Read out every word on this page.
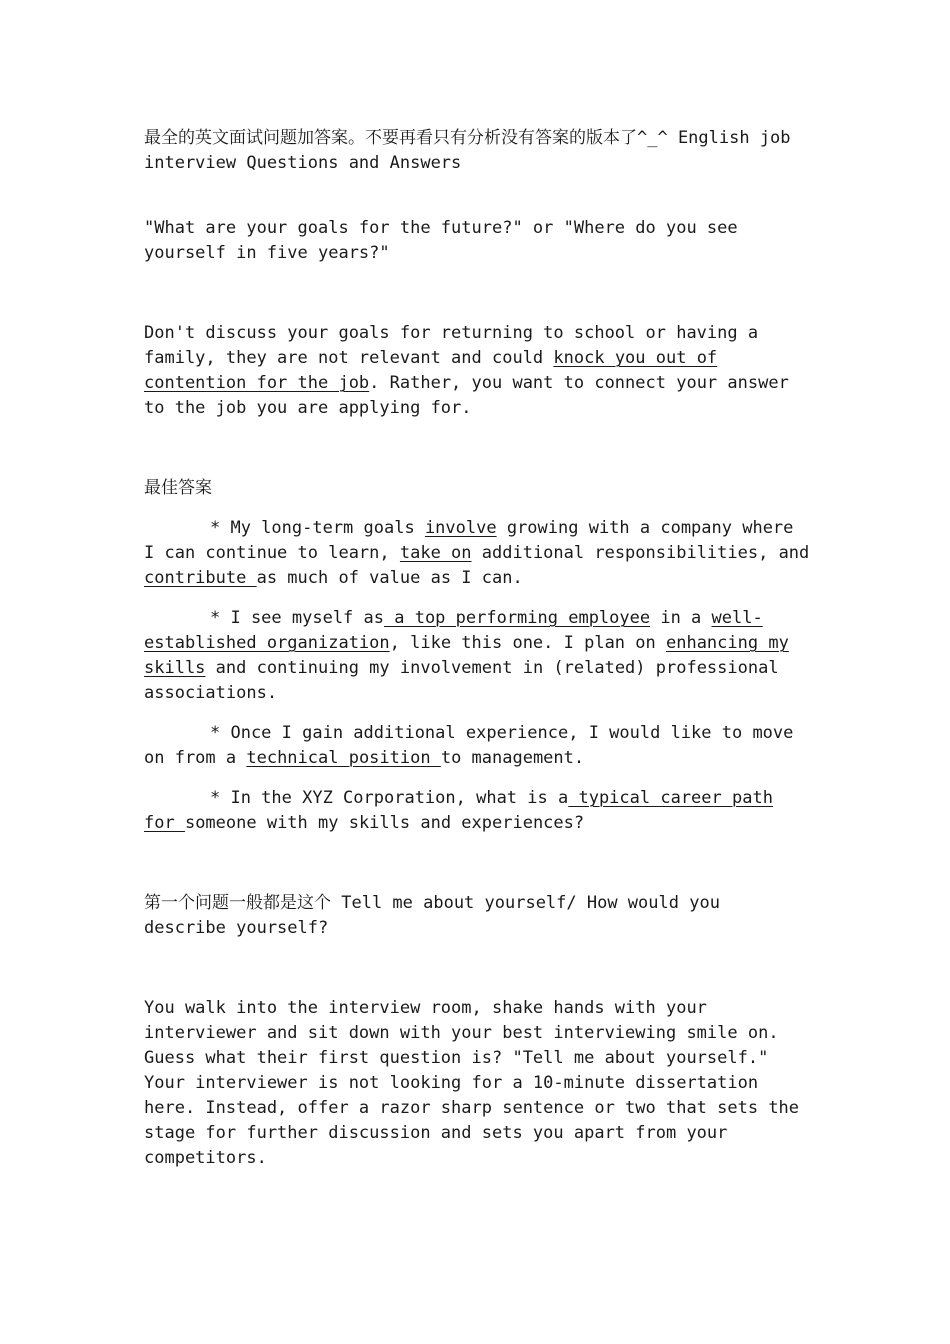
最全的英文面试问题加答案。不要再看只有分析没有答案的版本了^_^ English job interview Questions and Answers

"What are your goals for the future?" or "Where do you see yourself in five years?"

Don't discuss your goals for returning to school or having a family, they are not relevant and could knock you out of contention for the job. Rather, you want to connect your answer to the job you are applying for.

最佳答案

* My long-term goals involve growing with a company where I can continue to learn, take on additional responsibilities, and contribute as much of value as I can.

* I see myself as a top performing employee in a well-established organization, like this one. I plan on enhancing my skills and continuing my involvement in (related) professional associations.

* Once I gain additional experience, I would like to move on from a technical position to management.

* In the XYZ Corporation, what is a typical career path for someone with my skills and experiences?

第一个问题一般都是这个 Tell me about yourself/ How would you describe yourself?

You walk into the interview room, shake hands with your interviewer and sit down with your best interviewing smile on. Guess what their first question is? "Tell me about yourself." Your interviewer is not looking for a 10-minute dissertation here. Instead, offer a razor sharp sentence or two that sets the stage for further discussion and sets you apart from your competitors.
